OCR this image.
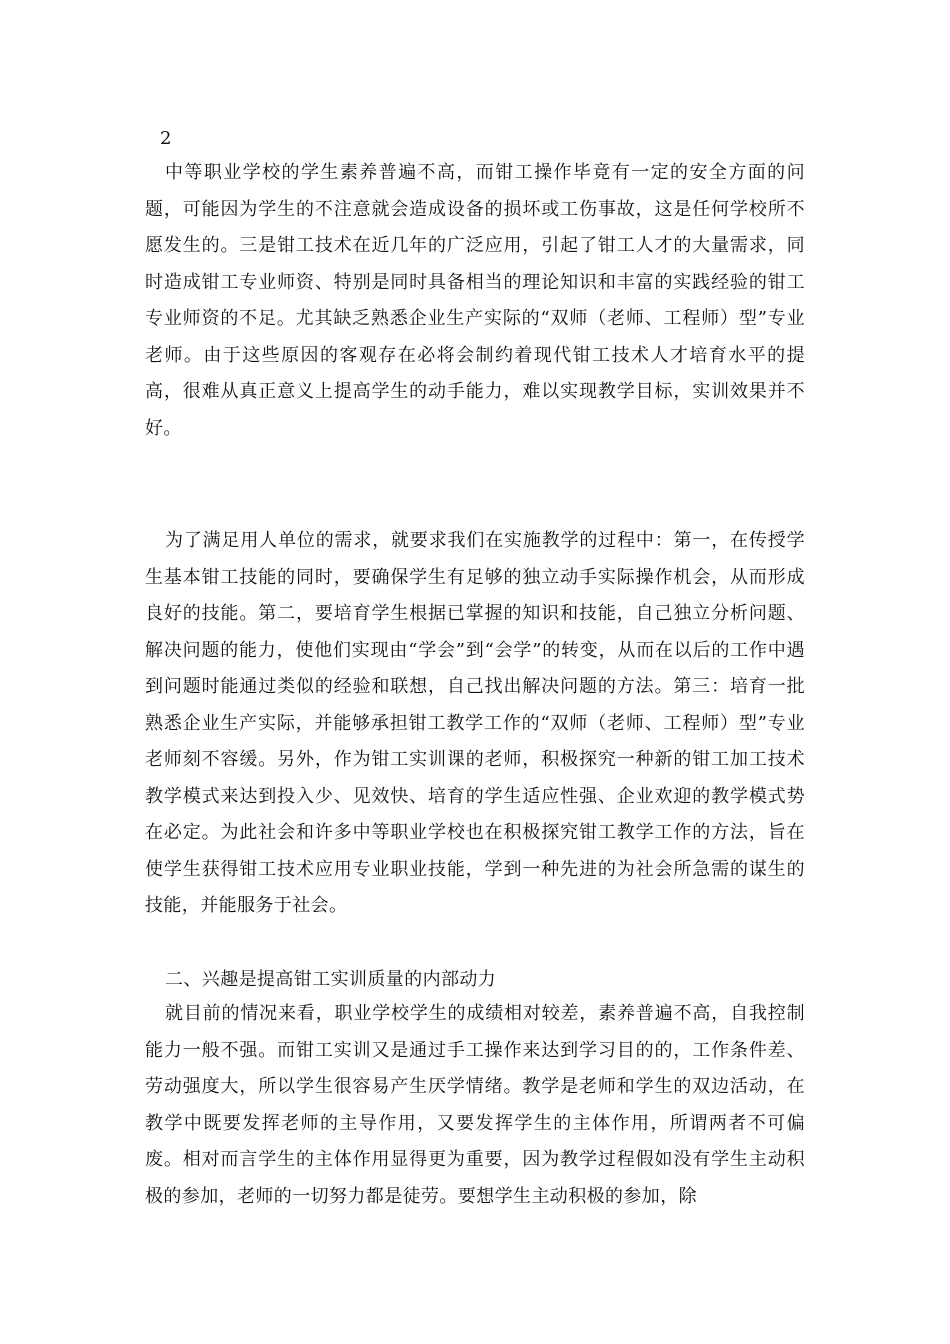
2

中等职业学校的学生素养普遍不高，而钳工操作毕竟有一定的安全方面的问题，可能因为学生的不注意就会造成设备的损坏或工伤事故，这是任何学校所不愿发生的。三是钳工技术在近几年的广泛应用，引起了钳工人才的大量需求，同时造成钳工专业师资、特别是同时具备相当的理论知识和丰富的实践经验的钳工专业师资的不足。尤其缺乏熟悉企业生产实际的“双师（老师、工程师）型”专业老师。由于这些原因的客观存在必将会制约着现代钳工技术人才培育水平的提高，很难从真正意义上提高学生的动手能力，难以实现教学目标，实训效果并不好。

为了满足用人单位的需求，就要求我们在实施教学的过程中：第一，在传授学生基本钳工技能的同时，要确保学生有足够的独立动手实际操作机会，从而形成良好的技能。第二，要培育学生根据已掌握的知识和技能，自己独立分析问题、解决问题的能力，使他们实现由“学会”到“会学”的转变，从而在以后的工作中遇到问题时能通过类似的经验和联想，自己找出解决问题的方法。第三：培育一批熟悉企业生产实际，并能够承担钳工教学工作的“双师（老师、工程师）型”专业老师刻不容缓。另外，作为钳工实训课的老师，积极探究一种新的钳工加工技术教学模式来达到投入少、见效快、培育的学生适应性强、企业欢迎的教学模式势在必定。为此社会和许多中等职业学校也在积极探究钳工教学工作的方法，旨在使学生获得钳工技术应用专业职业技能，学到一种先进的为社会所急需的谋生的技能，并能服务于社会。

二、兴趣是提高钳工实训质量的内部动力

就目前的情况来看，职业学校学生的成绩相对较差，素养普遍不高，自我控制能力一般不强。而钳工实训又是通过手工操作来达到学习目的的，工作条件差、劳动强度大，所以学生很容易产生厌学情绪。教学是老师和学生的双边活动，在教学中既要发挥老师的主导作用，又要发挥学生的主体作用，所谓两者不可偏废。相对而言学生的主体作用显得更为重要，因为教学过程假如没有学生主动积极的参加，老师的一切努力都是徒劳。要想学生主动积极的参加，除
